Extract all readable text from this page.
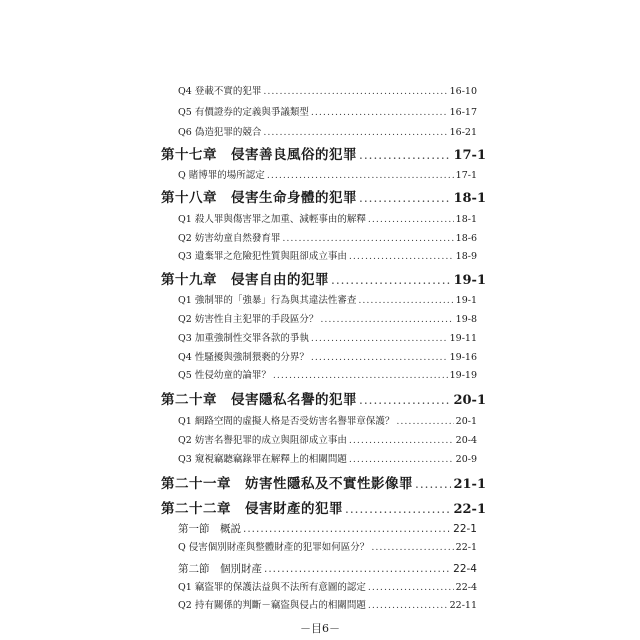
Q4 登載不實的犯罪 .....	16-10
Q5 有價證券的定義與爭議類型 .....	16-17
Q6 偽造犯罪的競合 .....	16-21
第十七章　侵害善良風俗的犯罪 .....	17-1
Q 賭博罪的場所認定 .....	17-1
第十八章　侵害生命身體的犯罪 .....	18-1
Q1 殺人罪與傷害罪之加重、減輕事由的解釋 .....	18-1
Q2 妨害幼童自然發育罪 .....	18-6
Q3 遺棄罪之危險犯性質與阻卻成立事由 .....	18-9
第十九章　侵害自由的犯罪 .....	19-1
Q1 強制罪的「強暴」行為與其違法性審查 .....	19-1
Q2 妨害性自主犯罪的手段區分？ .....	19-8
Q3 加重強制性交罪各款的爭執 .....	19-11
Q4 性騷擾與強制猥褻的分界？ .....	19-16
Q5 性侵幼童的論罪？ .....	19-19
第二十章　侵害隱私名譽的犯罪 .....	20-1
Q1 網路空間的虛擬人格是否受妨害名譽罪章保護？ .....	20-1
Q2 妨害名譽犯罪的成立與阻卻成立事由 .....	20-4
Q3 窺視竊聽竊錄罪在解釋上的相關問題 .....	20-9
第二十一章　妨害性隱私及不實性影像罪 .....	21-1
第二十二章　侵害財產的犯罪 .....	22-1
第一節　概説 .....	22-1
Q 侵害個別財產與整體財產的犯罪如何區分？ .....	22-1
第二節　個別財產 .....	22-4
Q1 竊盜罪的保護法益與不法所有意圖的認定 .....	22-4
Q2 持有關係的判斷－竊盜與侵占的相關問題 .....	22-11
－目6－
